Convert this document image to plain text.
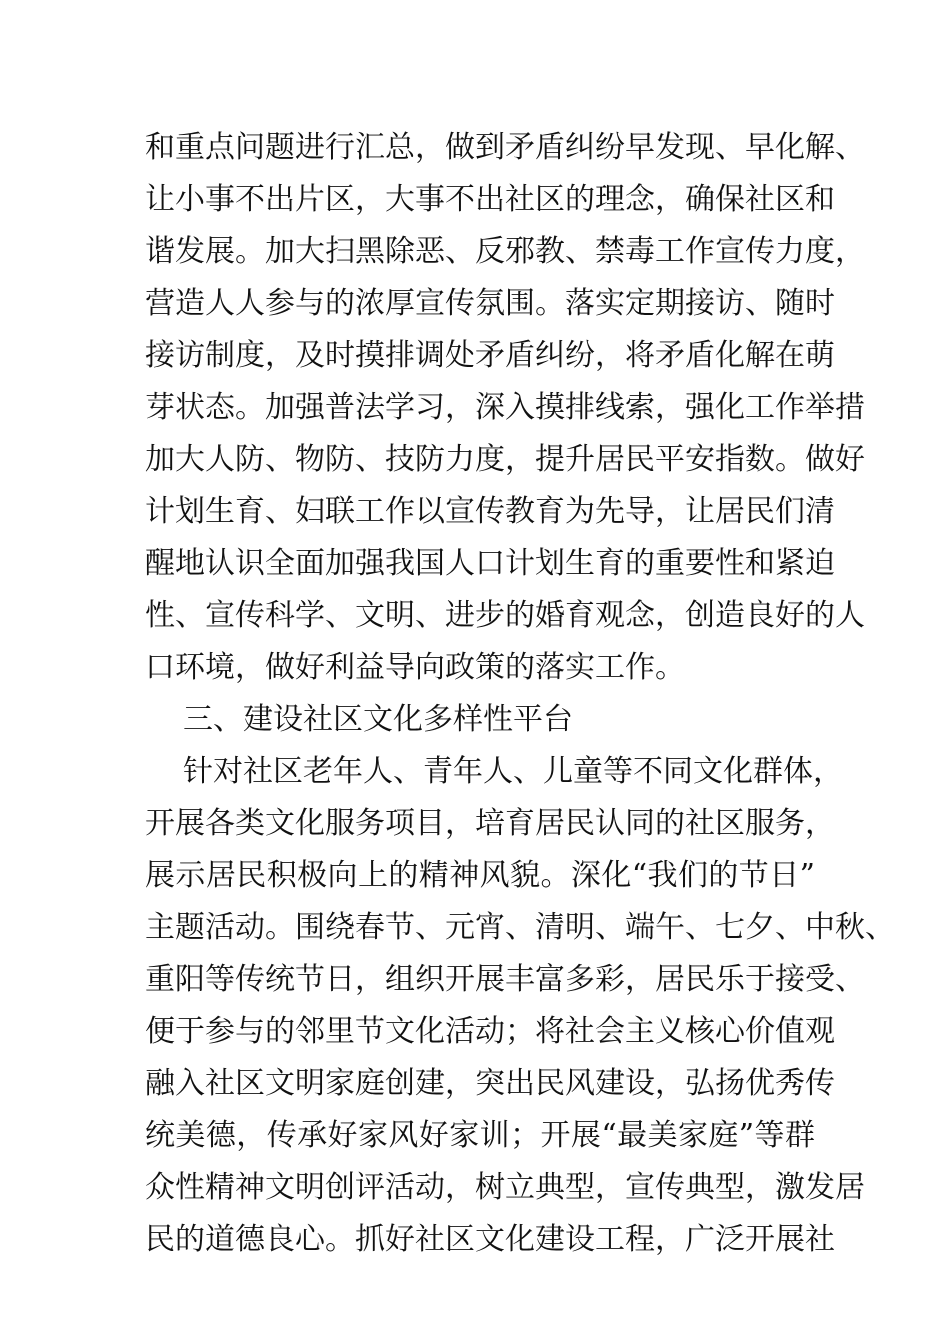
和重点问题进行汇总，做到矛盾纠纷早发现、早化解、
让小事不出片区，大事不出社区的理念，确保社区和
谐发展。加大扫黑除恶、反邪教、禁毒工作宣传力度，
营造人人参与的浓厚宣传氛围。落实定期接访、随时
接访制度，及时摸排调处矛盾纠纷，将矛盾化解在萌
芽状态。加强普法学习，深入摸排线索，强化工作举措
加大人防、物防、技防力度，提升居民平安指数。做好
计划生育、妇联工作以宣传教育为先导，让居民们清
醒地认识全面加强我国人口计划生育的重要性和紧迫
性、宣传科学、文明、进步的婚育观念，创造良好的人
口环境，做好利益导向政策的落实工作。
三、建设社区文化多样性平台
针对社区老年人、青年人、儿童等不同文化群体，
开展各类文化服务项目，培育居民认同的社区服务，
展示居民积极向上的精神风貌。深化“我们的节日”
主题活动。围绕春节、元宵、清明、端午、七夕、中秋、
重阳等传统节日，组织开展丰富多彩，居民乐于接受、
便于参与的邻里节文化活动；将社会主义核心价值观
融入社区文明家庭创建，突出民风建设，弘扬优秀传
统美德，传承好家风好家训；开展“最美家庭”等群
众性精神文明创评活动，树立典型，宣传典型，激发居
民的道德良心。抓好社区文化建设工程，广泛开展社
